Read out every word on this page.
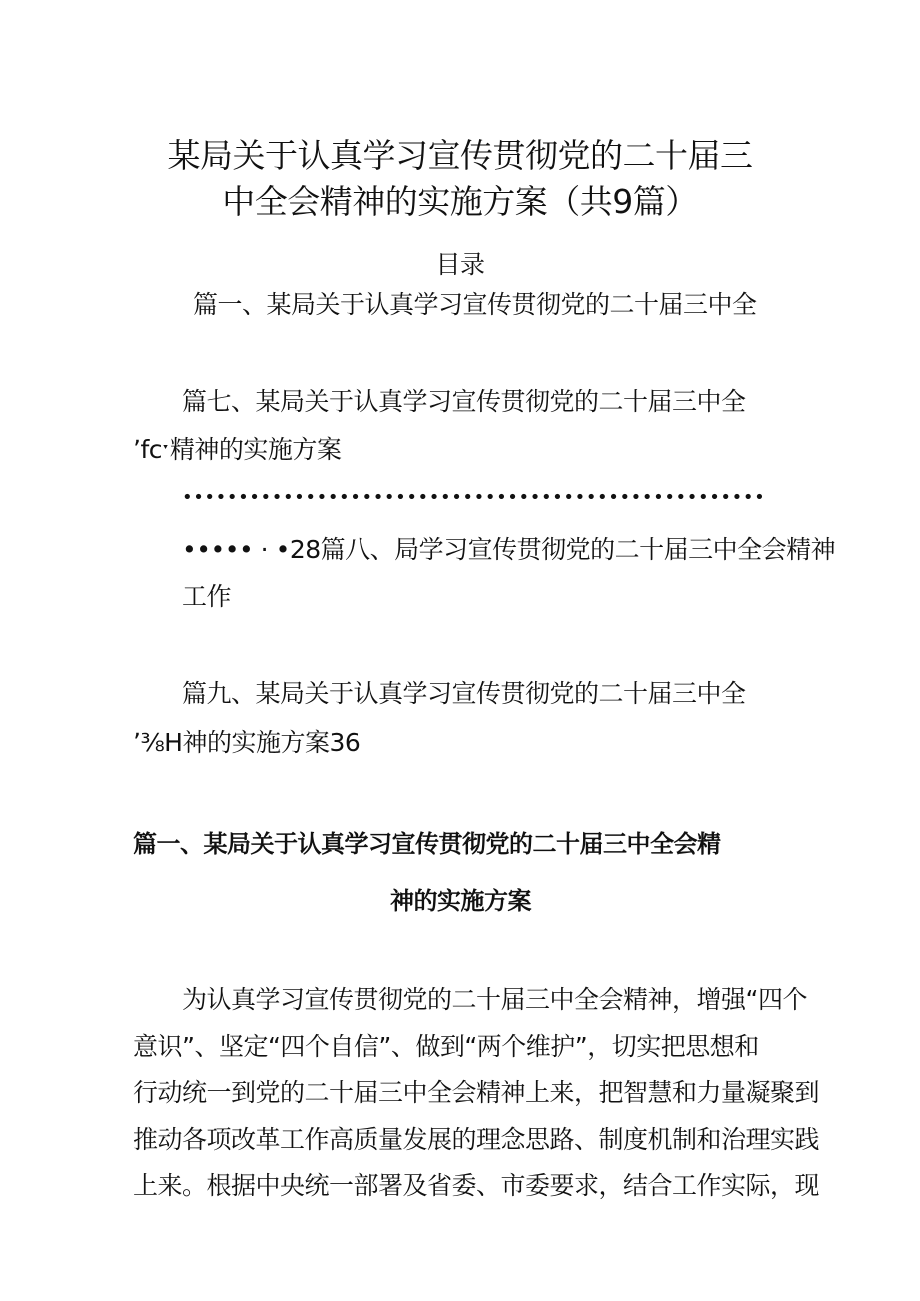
某局关于认真学习宣传贯彻党的二十届三
中全会精神的实施方案（共9篇）
目录
篇一、某局关于认真学习宣传贯彻党的二十届三中全
篇七、某局关于认真学习宣传贯彻党的二十届三中全
ʼfcˑ精神的实施方案
••••••••••••••••••••••••••••••••••••••••••••••••••••
••••• · •28篇八、局学习宣传贯彻党的二十届三中全会精神
工作
篇九、某局关于认真学习宣传贯彻党的二十届三中全
ʼ⅜H神的实施方案36
篇一、某局关于认真学习宣传贯彻党的二十届三中全会精
神的实施方案
为认真学习宣传贯彻党的二十届三中全会精神，增强“四个
意识”、坚定“四个自信”、做到“两个维护”，切实把思想和
行动统一到党的二十届三中全会精神上来，把智慧和力量凝聚到
推动各项改革工作高质量发展的理念思路、制度机制和治理实践
上来。根据中央统一部署及省委、市委要求，结合工作实际，现
